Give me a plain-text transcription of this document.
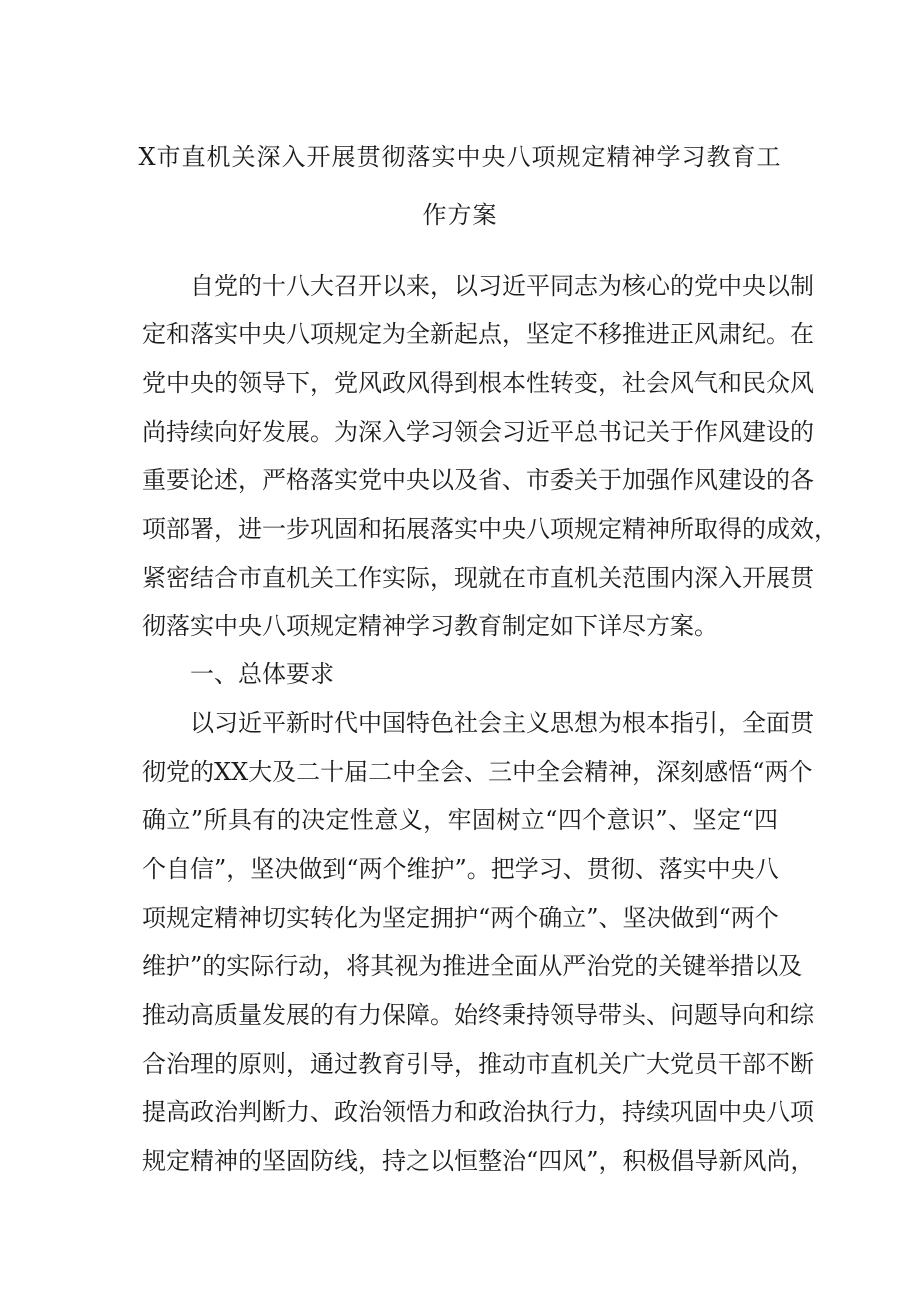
X市直机关深入开展贯彻落实中央八项规定精神学习教育工
作方案
自党的十八大召开以来，以习近平同志为核心的党中央以制
定和落实中央八项规定为全新起点，坚定不移推进正风肃纪。在
党中央的领导下，党风政风得到根本性转变，社会风气和民众风
尚持续向好发展。为深入学习领会习近平总书记关于作风建设的
重要论述，严格落实党中央以及省、市委关于加强作风建设的各
项部署，进一步巩固和拓展落实中央八项规定精神所取得的成效，
紧密结合市直机关工作实际，现就在市直机关范围内深入开展贯
彻落实中央八项规定精神学习教育制定如下详尽方案。
一、总体要求
以习近平新时代中国特色社会主义思想为根本指引，全面贯
彻党的XX大及二十届二中全会、三中全会精神，深刻感悟“两个
确立”所具有的决定性意义，牢固树立“四个意识”、坚定“四
个自信”，坚决做到“两个维护”。把学习、贯彻、落实中央八
项规定精神切实转化为坚定拥护“两个确立”、坚决做到“两个
维护”的实际行动，将其视为推进全面从严治党的关键举措以及
推动高质量发展的有力保障。始终秉持领导带头、问题导向和综
合治理的原则，通过教育引导，推动市直机关广大党员干部不断
提高政治判断力、政治领悟力和政治执行力，持续巩固中央八项
规定精神的坚固防线，持之以恒整治“四风”，积极倡导新风尚，
